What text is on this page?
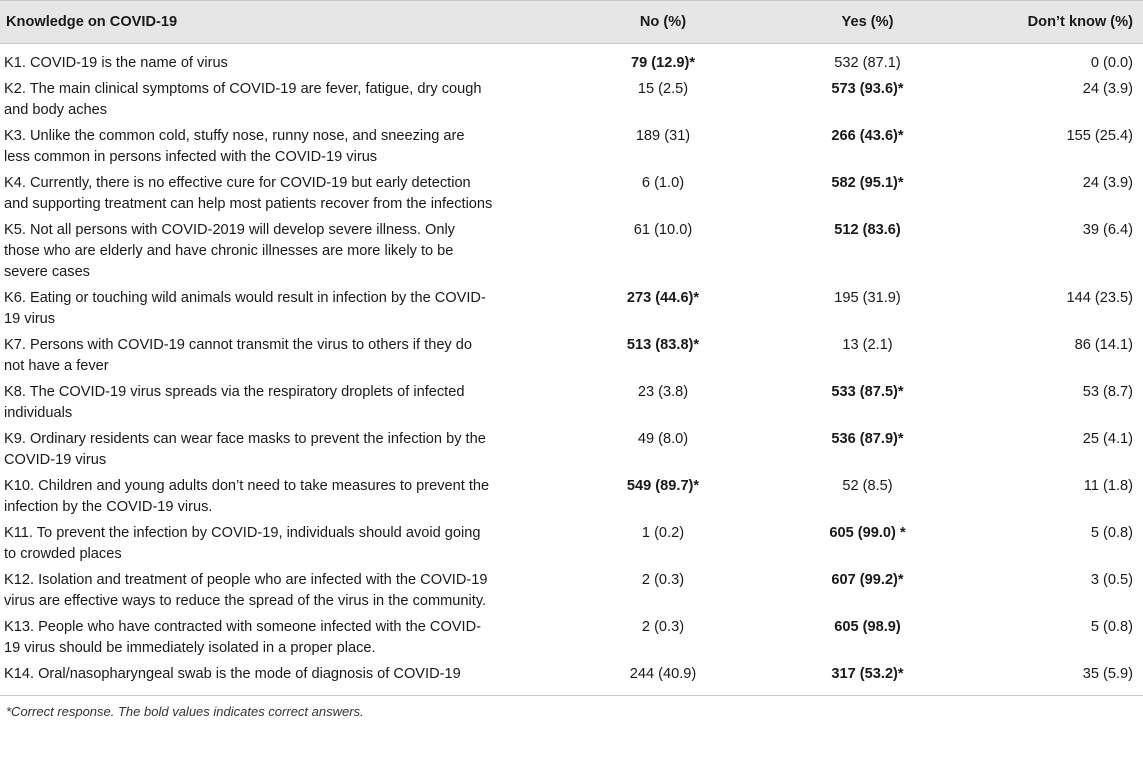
Knowledge on COVID-19	No (%)	Yes (%)	Don’t know (%)
K1. COVID-19 is the name of virus	79 (12.9)*	532 (87.1)	0 (0.0)
K2. The main clinical symptoms of COVID-19 are fever, fatigue, dry cough and body aches	15 (2.5)	573 (93.6)*	24 (3.9)
K3. Unlike the common cold, stuffy nose, runny nose, and sneezing are less common in persons infected with the COVID-19 virus	189 (31)	266 (43.6)*	155 (25.4)
K4. Currently, there is no effective cure for COVID-19 but early detection and supporting treatment can help most patients recover from the infections	6 (1.0)	582 (95.1)*	24 (3.9)
K5. Not all persons with COVID-2019 will develop severe illness. Only those who are elderly and have chronic illnesses are more likely to be severe cases	61 (10.0)	512 (83.6)	39 (6.4)
K6. Eating or touching wild animals would result in infection by the COVID-19 virus	273 (44.6)*	195 (31.9)	144 (23.5)
K7. Persons with COVID-19 cannot transmit the virus to others if they do not have a fever	513 (83.8)*	13 (2.1)	86 (14.1)
K8. The COVID-19 virus spreads via the respiratory droplets of infected individuals	23 (3.8)	533 (87.5)*	53 (8.7)
K9. Ordinary residents can wear face masks to prevent the infection by the COVID-19 virus	49 (8.0)	536 (87.9)*	25 (4.1)
K10. Children and young adults don’t need to take measures to prevent the infection by the COVID-19 virus.	549 (89.7)*	52 (8.5)	11 (1.8)
K11. To prevent the infection by COVID-19, individuals should avoid going to crowded places	1 (0.2)	605 (99.0) *	5 (0.8)
K12. Isolation and treatment of people who are infected with the COVID-19 virus are effective ways to reduce the spread of the virus in the community.	2 (0.3)	607 (99.2)*	3 (0.5)
K13. People who have contracted with someone infected with the COVID-19 virus should be immediately isolated in a proper place.	2 (0.3)	605 (98.9)	5 (0.8)
K14. Oral/nasopharyngeal swab is the mode of diagnosis of COVID-19	244 (40.9)	317 (53.2)*	35 (5.9)
*Correct response. The bold values indicates correct answers.
